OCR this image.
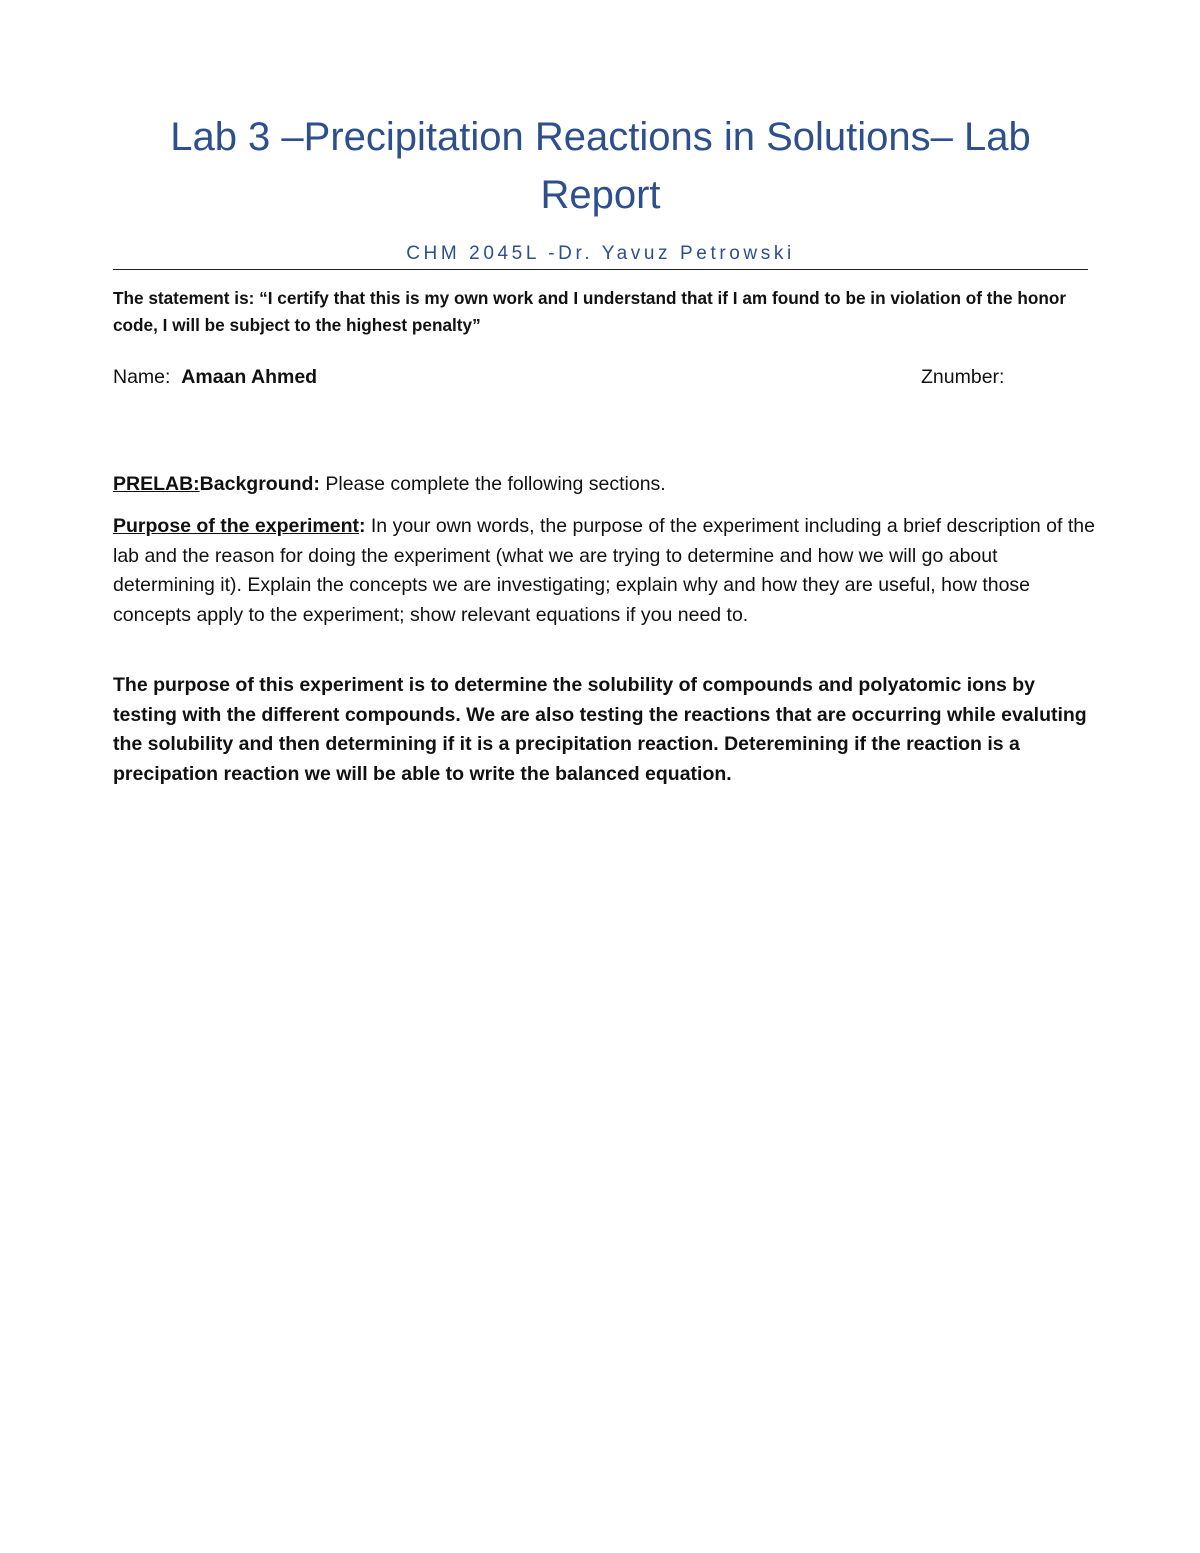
Lab 3 –Precipitation Reactions in Solutions– Lab Report
CHM 2045L -Dr. Yavuz Petrowski

The statement is: “I certify that this is my own work and I understand that if I am found to be in violation of the honor code, I will be subject to the highest penalty”

Name: Amaan Ahmed	Znumber:

PRELAB:Background: Please complete the following sections.

Purpose of the experiment: In your own words, the purpose of the experiment including a brief description of the lab and the reason for doing the experiment (what we are trying to determine and how we will go about determining it). Explain the concepts we are investigating; explain why and how they are useful, how those concepts apply to the experiment; show relevant equations if you need to.

The purpose of this experiment is to determine the solubility of compounds and polyatomic ions by testing with the different compounds. We are also testing the reactions that are occurring while evaluting the solubility and then determining if it is a precipitation reaction. Deteremining if the reaction is a precipation reaction we will be able to write the balanced equation.
